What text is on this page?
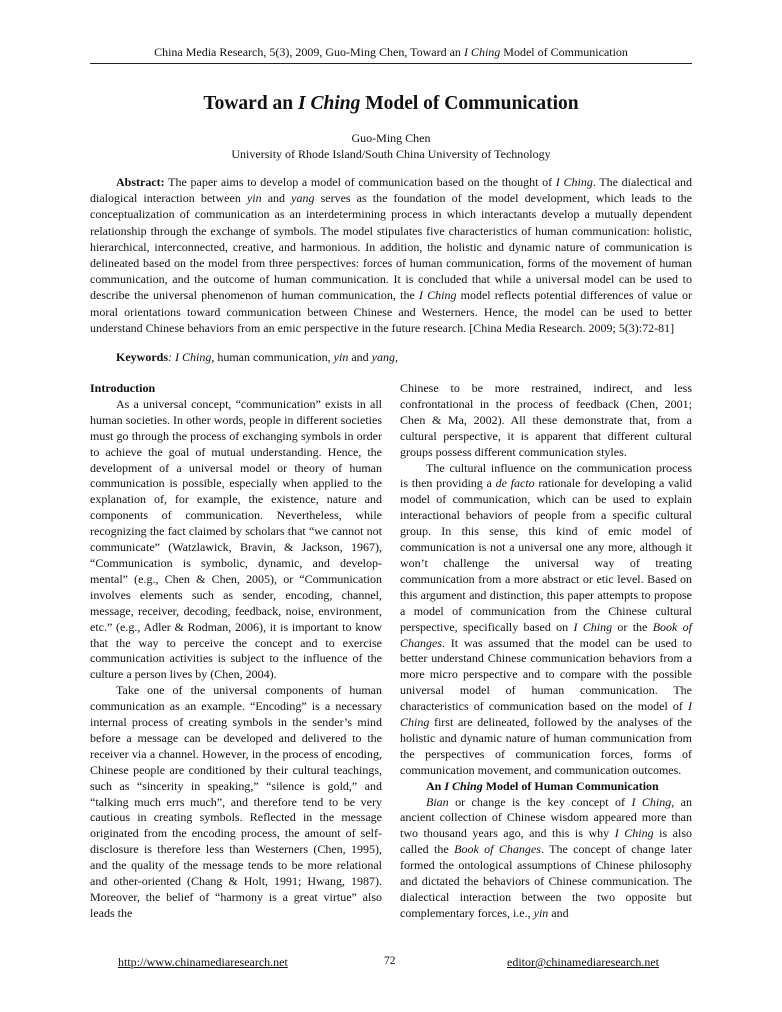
China Media Research, 5(3), 2009, Guo-Ming Chen, Toward an I Ching Model of Communication
Toward an I Ching Model of Communication
Guo-Ming Chen
University of Rhode Island/South China University of Technology

Abstract: The paper aims to develop a model of communication based on the thought of I Ching. The dialectical and dialogical interaction between yin and yang serves as the foundation of the model development, which leads to the conceptualization of communication as an interdetermining process in which interactants develop a mutually dependent relationship through the exchange of symbols. The model stipulates five characteristics of human communication: holistic, hierarchical, interconnected, creative, and harmonious. In addition, the holistic and dynamic nature of communication is delineated based on the model from three perspectives: forces of human communication, forms of the movement of human communication, and the outcome of human communication. It is concluded that while a universal model can be used to describe the universal phenomenon of human communication, the I Ching model reflects potential differences of value or moral orientations toward communication between Chinese and Westerners. Hence, the model can be used to better understand Chinese behaviors from an emic perspective in the future research. [China Media Research. 2009; 5(3):72-81]

Keywords: I Ching, human communication, yin and yang,

Introduction

As a universal concept, “communication” exists in all human societies. In other words, people in different societies must go through the process of exchanging symbols in order to achieve the goal of mutual understanding. Hence, the development of a universal model or theory of human communication is possible, especially when applied to the explanation of, for example, the existence, nature and components of communication. Nevertheless, while recognizing the fact claimed by scholars that “we cannot not communicate” (Watzlawick, Bravin, & Jackson, 1967), “Communication is symbolic, dynamic, and develop-mental” (e.g., Chen & Chen, 2005), or “Communication involves elements such as sender, encoding, channel, message, receiver, decoding, feedback, noise, environment, etc.” (e.g., Adler & Rodman, 2006), it is important to know that the way to perceive the concept and to exercise communication activities is subject to the influence of the culture a person lives by (Chen, 2004).

Take one of the universal components of human communication as an example. “Encoding” is a necessary internal process of creating symbols in the sender’s mind before a message can be developed and delivered to the receiver via a channel. However, in the process of encoding, Chinese people are conditioned by their cultural teachings, such as “sincerity in speaking,” “silence is gold,” and “talking much errs much”, and therefore tend to be very cautious in creating symbols. Reflected in the message originated from the encoding process, the amount of self-disclosure is therefore less than Westerners (Chen, 1995), and the quality of the message tends to be more relational and other-oriented (Chang & Holt, 1991; Hwang, 1987). Moreover, the belief of “harmony is a great virtue” also leads the

Chinese to be more restrained, indirect, and less confrontational in the process of feedback (Chen, 2001; Chen & Ma, 2002). All these demonstrate that, from a cultural perspective, it is apparent that different cultural groups possess different communication styles.

The cultural influence on the communication process is then providing a de facto rationale for developing a valid model of communication, which can be used to explain interactional behaviors of people from a specific cultural group. In this sense, this kind of emic model of communication is not a universal one any more, although it won’t challenge the universal way of treating communication from a more abstract or etic level. Based on this argument and distinction, this paper attempts to propose a model of communication from the Chinese cultural perspective, specifically based on I Ching or the Book of Changes. It was assumed that the model can be used to better understand Chinese communication behaviors from a more micro perspective and to compare with the possible universal model of human communication. The characteristics of communication based on the model of I Ching first are delineated, followed by the analyses of the holistic and dynamic nature of human communication from the perspectives of communication forces, forms of communication movement, and communication outcomes.

An I Ching Model of Human Communication

Bian or change is the key concept of I Ching, an ancient collection of Chinese wisdom appeared more than two thousand years ago, and this is why I Ching is also called the Book of Changes. The concept of change later formed the ontological assumptions of Chinese philosophy and dictated the behaviors of Chinese communication. The dialectical interaction between the two opposite but complementary forces, i.e., yin and

http://www.chinamediaresearch.net	72	editor@chinamediaresearch.net
